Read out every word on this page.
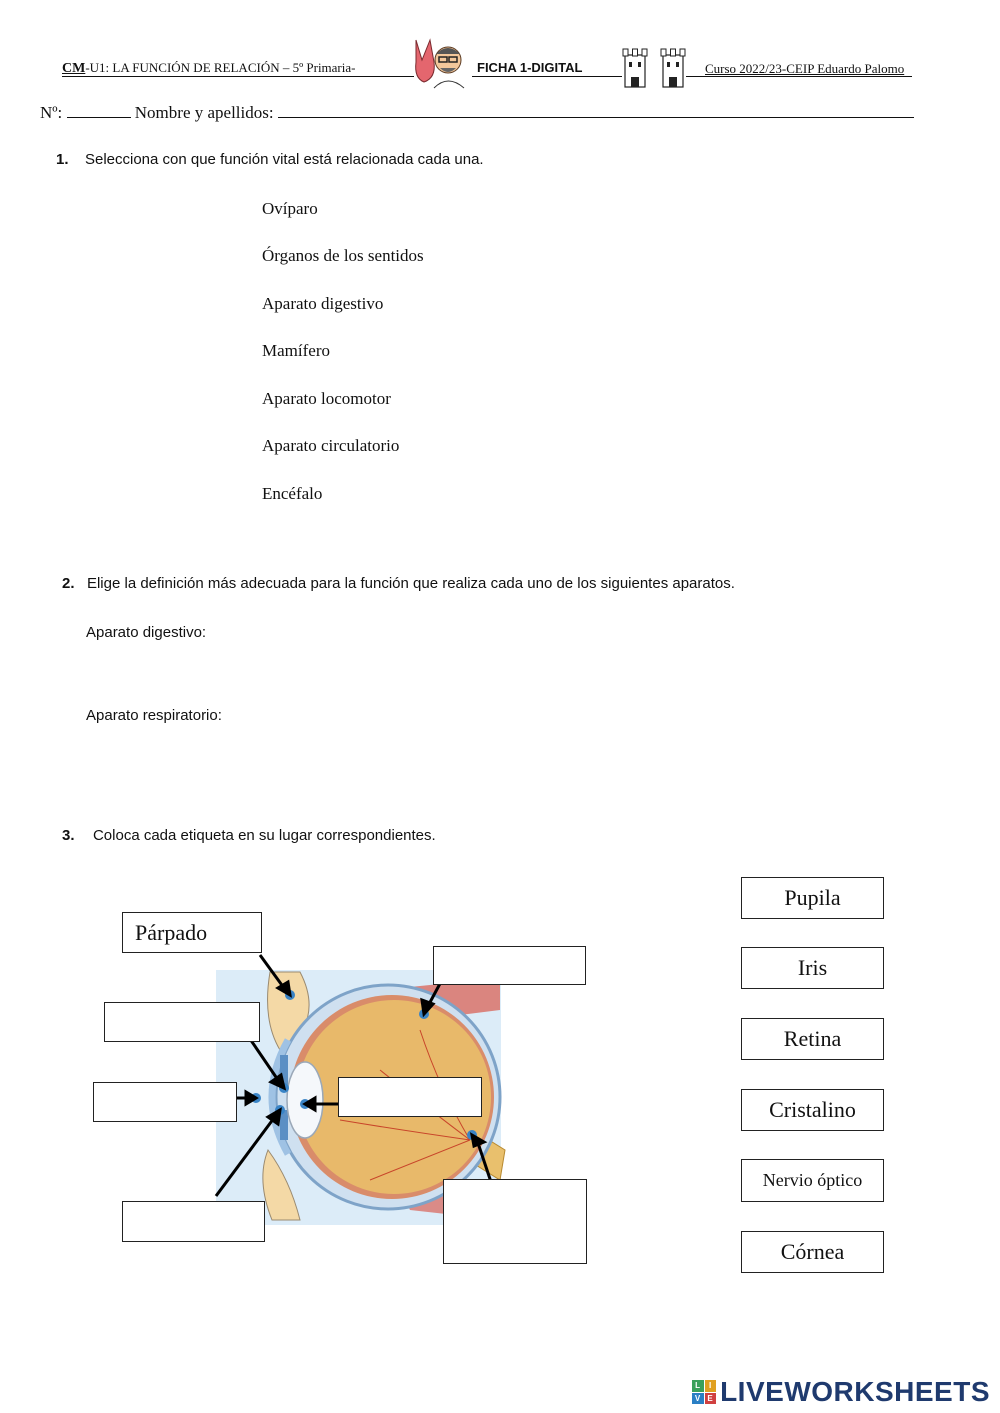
CM-U1: LA FUNCIÓN DE RELACIÓN – 5º Primaria-	FICHA 1-DIGITAL	Curso 2022/23-CEIP Eduardo Palomo
Nº:	Nombre y apellidos:
1. Selecciona con que función vital está relacionada cada una.
Ovíparo
Órganos de los sentidos
Aparato digestivo
Mamífero
Aparato locomotor
Aparato circulatorio
Encéfalo
2. Elige la definición más adecuada para la función que realiza cada uno de los siguientes aparatos.
Aparato digestivo:
Aparato respiratorio:
3. Coloca cada etiqueta en su lugar correspondientes.
Párpado
Pupila
Iris
Retina
Cristalino
Nervio óptico
Córnea
L	I
V E LIVEWORKSHEETS
